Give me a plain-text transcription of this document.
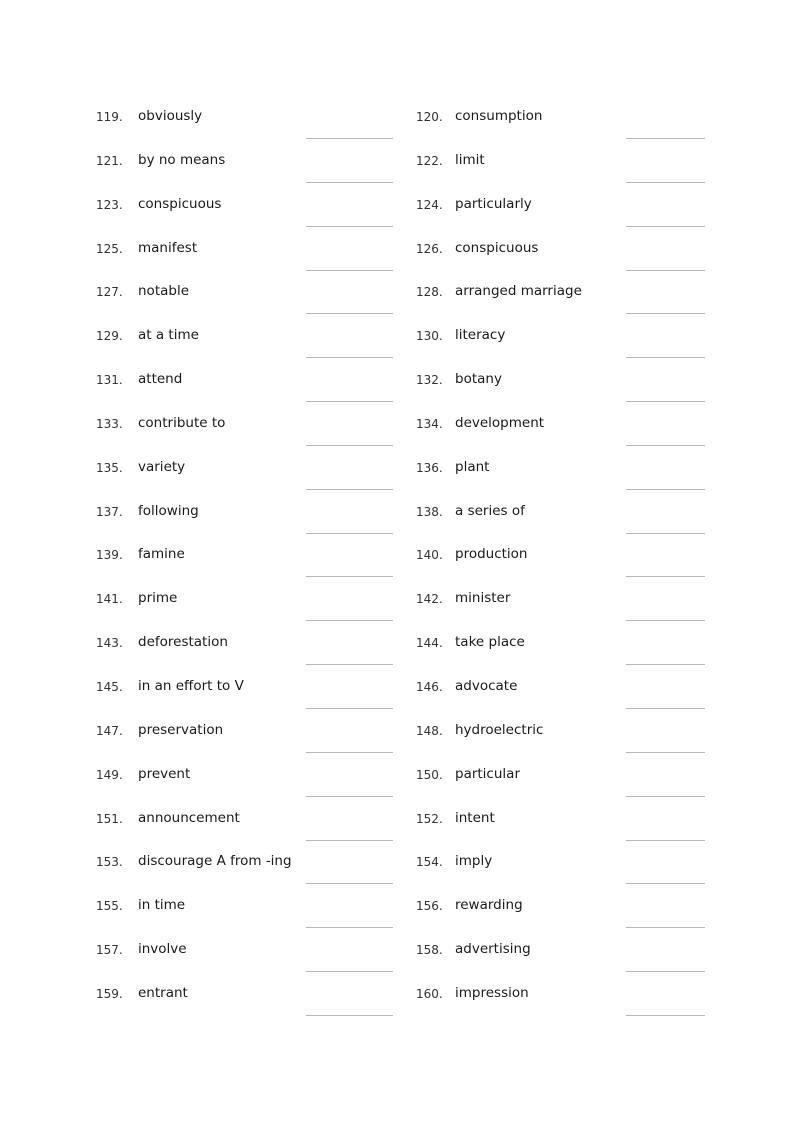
119. obviously	120. consumption
121. by no means	122. limit
123. conspicuous	124. particularly
125. manifest	126. conspicuous
127. notable	128. arranged marriage
129. at a time	130. literacy
131. attend	132. botany
133. contribute to	134. development
135. variety	136. plant
137. following	138. a series of
139. famine	140. production
141. prime	142. minister
143. deforestation	144. take place
145. in an effort to V	146. advocate
147. preservation	148. hydroelectric
149. prevent	150. particular
151. announcement	152. intent
153. discourage A from -ing	154. imply
155. in time	156. rewarding
157. involve	158. advertising
159. entrant	160. impression
